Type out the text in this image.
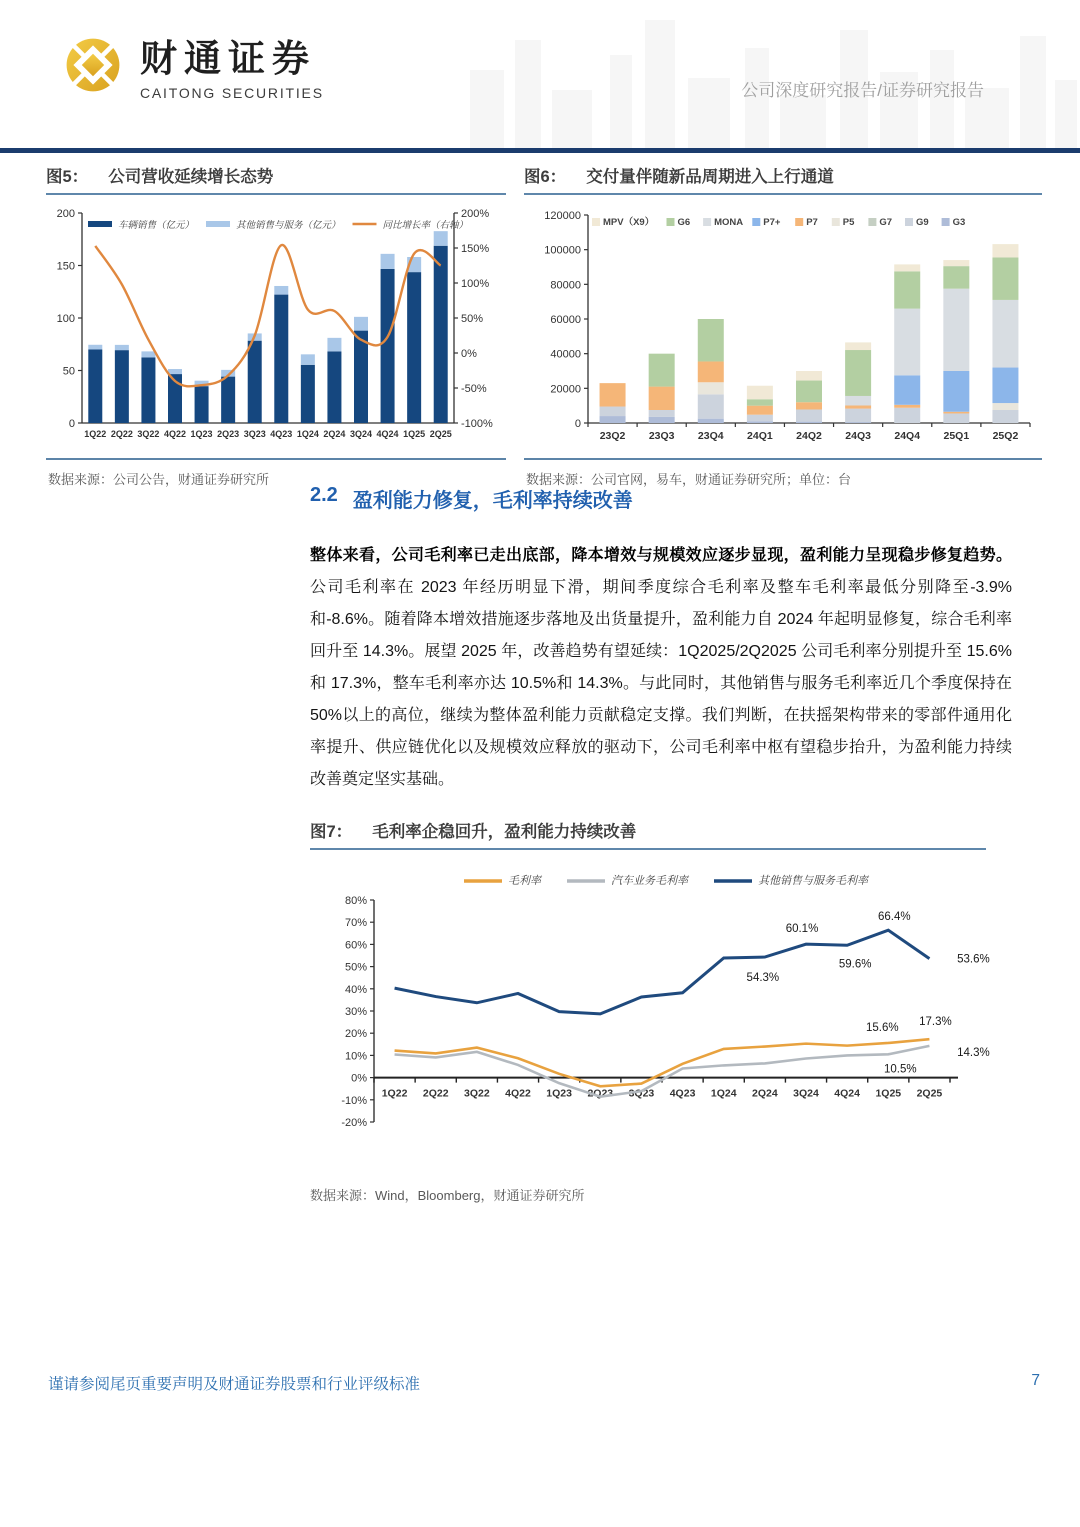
财通证券
CAITONG SECURITIES	公司深度研究报告/证券研究报告
图5： 公司营收延续增长态势
0
50
100
150
200
-100%
-50%
0%
50%
100%
150%
200%
1Q22 2Q22 3Q22 4Q22 1Q23 2Q23 3Q23 4Q23 1Q24 2Q24 3Q24 4Q24 1Q25 2Q25
车辆销售（亿元）	其他销售与服务（亿元）	同比增长率（右轴）
数据来源：公司公告，财通证券研究所
图6： 交付量伴随新品周期进入上行通道
0
20000
40000
60000
80000
100000
120000
23Q2 23Q3 23Q4 24Q1 24Q2 24Q3 24Q4 25Q1 25Q2
MPV（X9） G6	MONA P7+	P7	P5	G7	G9	G3
数据来源：公司官网，易车，财通证券研究所；单位：台
2.2 盈利能力修复，毛利率持续改善

整体来看，公司毛利率已走出底部，降本增效与规模效应逐步显现，盈利能力呈现稳步修复趋势。公司毛利率在 2023 年经历明显下滑，期间季度综合毛利率及整车毛利率最低分别降至-3.9%和-8.6%。随着降本增效措施逐步落地及出货量提升，盈利能力自 2024 年起明显修复，综合毛利率回升至 14.3%。展望 2025 年，改善趋势有望延续：1Q2025/2Q2025 公司毛利率分别提升至 15.6%和 17.3%，整车毛利率亦达 10.5%和 14.3%。与此同时，其他销售与服务毛利率近几个季度保持在 50%以上的高位，继续为整体盈利能力贡献稳定支撑。我们判断，在扶摇架构带来的零部件通用化率提升、供应链优化以及规模效应释放的驱动下，公司毛利率中枢有望稳步抬升，为盈利能力持续改善奠定坚实基础。

图7： 毛利率企稳回升，盈利能力持续改善
80%
70%
60%
50%
40%
30%
20%
10%
0%
-10%
-20%
1Q22 2Q22 3Q22 4Q22 1Q23 2Q23 3Q23 4Q23 1Q24 2Q24 3Q24 4Q24 1Q25 2Q25
54.3%
60.1%
59.6%
66.4%
53.6%
15.6% 17.3%
10.5%
14.3%
毛利率	汽车业务毛利率	其他销售与服务毛利率
数据来源：Wind，Bloomberg，财通证券研究所
谨请参阅尾页重要声明及财通证券股票和行业评级标准	7
